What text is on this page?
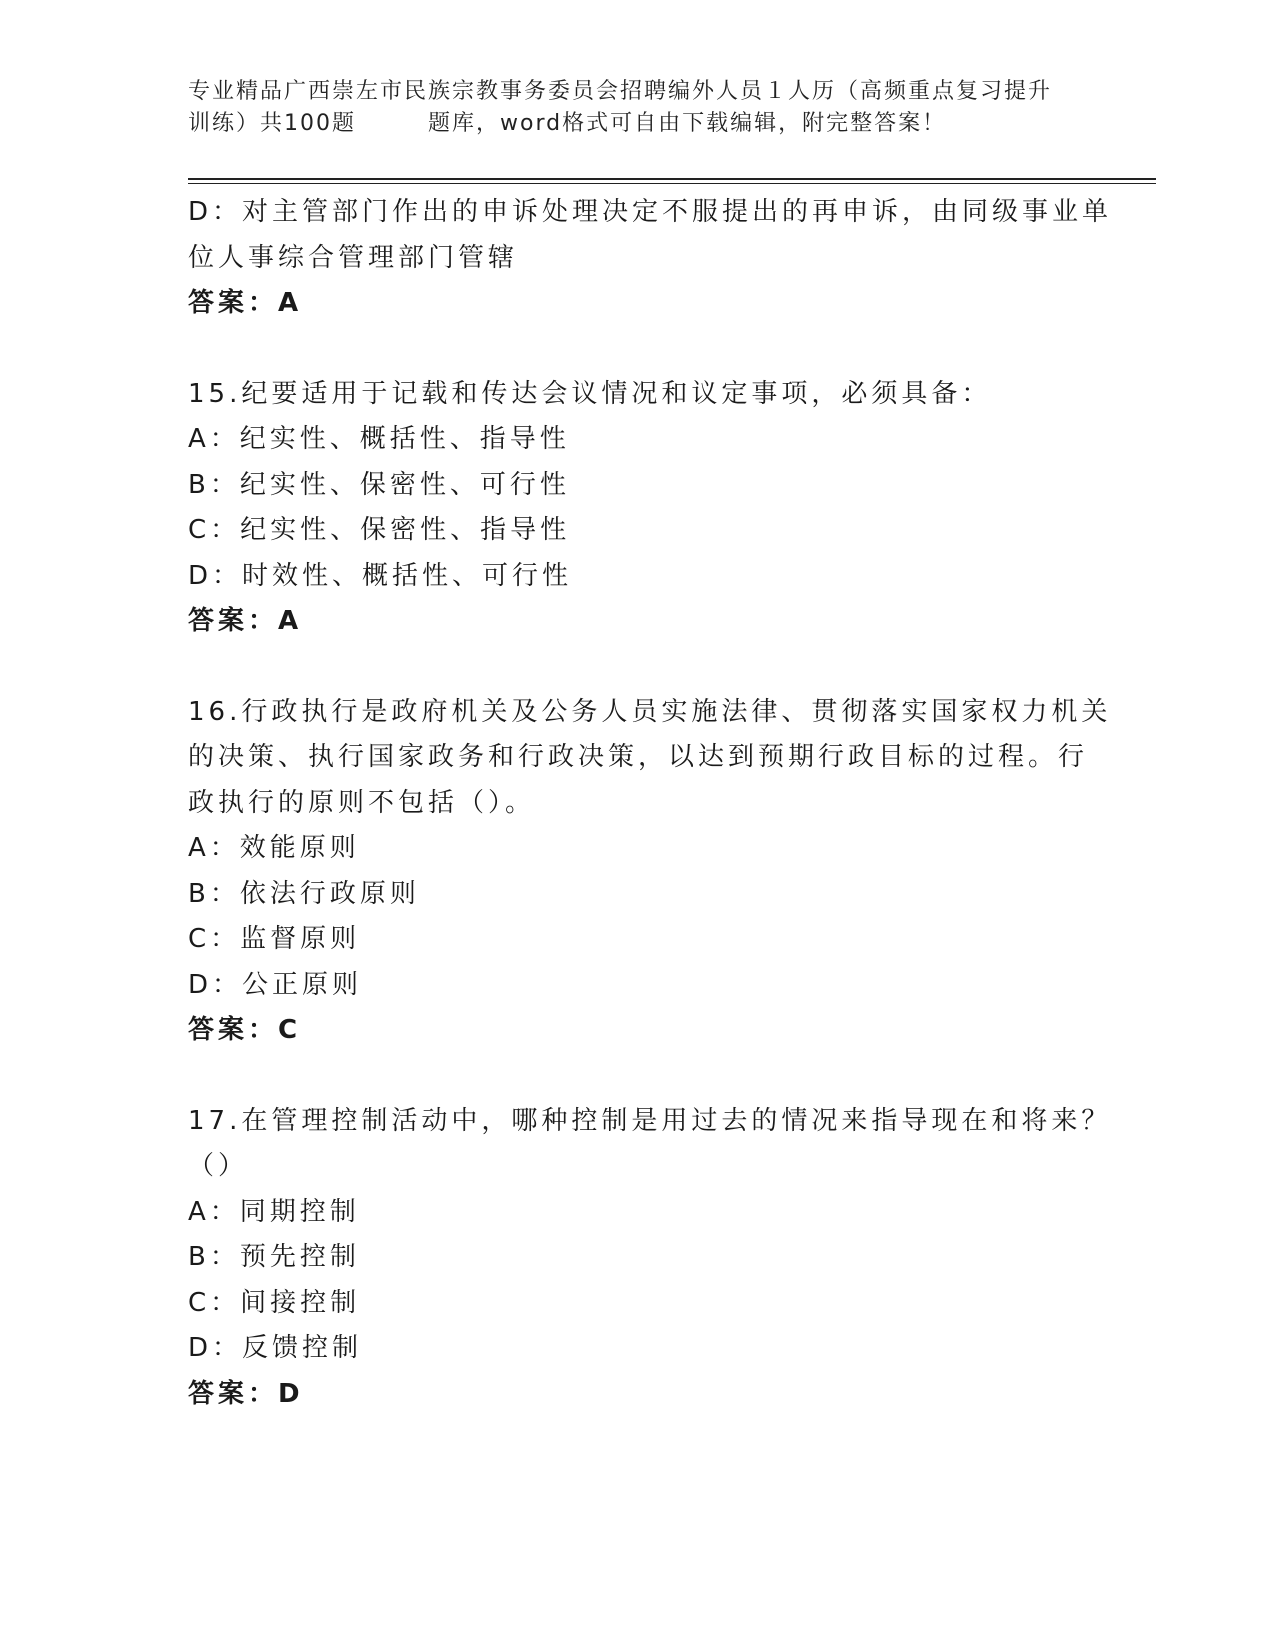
专业精品广西崇左市民族宗教事务委员会招聘编外人员１人历（高频重点复习提升
训练）共100题　　　题库，word格式可自由下载编辑，附完整答案！
D：对主管部门作出的申诉处理决定不服提出的再申诉，由同级事业单
位人事综合管理部门管辖
答案：A
15.纪要适用于记载和传达会议情况和议定事项，必须具备：
A：纪实性、概括性、指导性
B：纪实性、保密性、可行性
C：纪实性、保密性、指导性
D：时效性、概括性、可行性
答案：A
16.行政执行是政府机关及公务人员实施法律、贯彻落实国家权力机关
的决策、执行国家政务和行政决策，以达到预期行政目标的过程。行
政执行的原则不包括（）。
A：效能原则
B：依法行政原则
C：监督原则
D：公正原则
答案：C
17.在管理控制活动中，哪种控制是用过去的情况来指导现在和将来？
（）
A：同期控制
B：预先控制
C：间接控制
D：反馈控制
答案：D
